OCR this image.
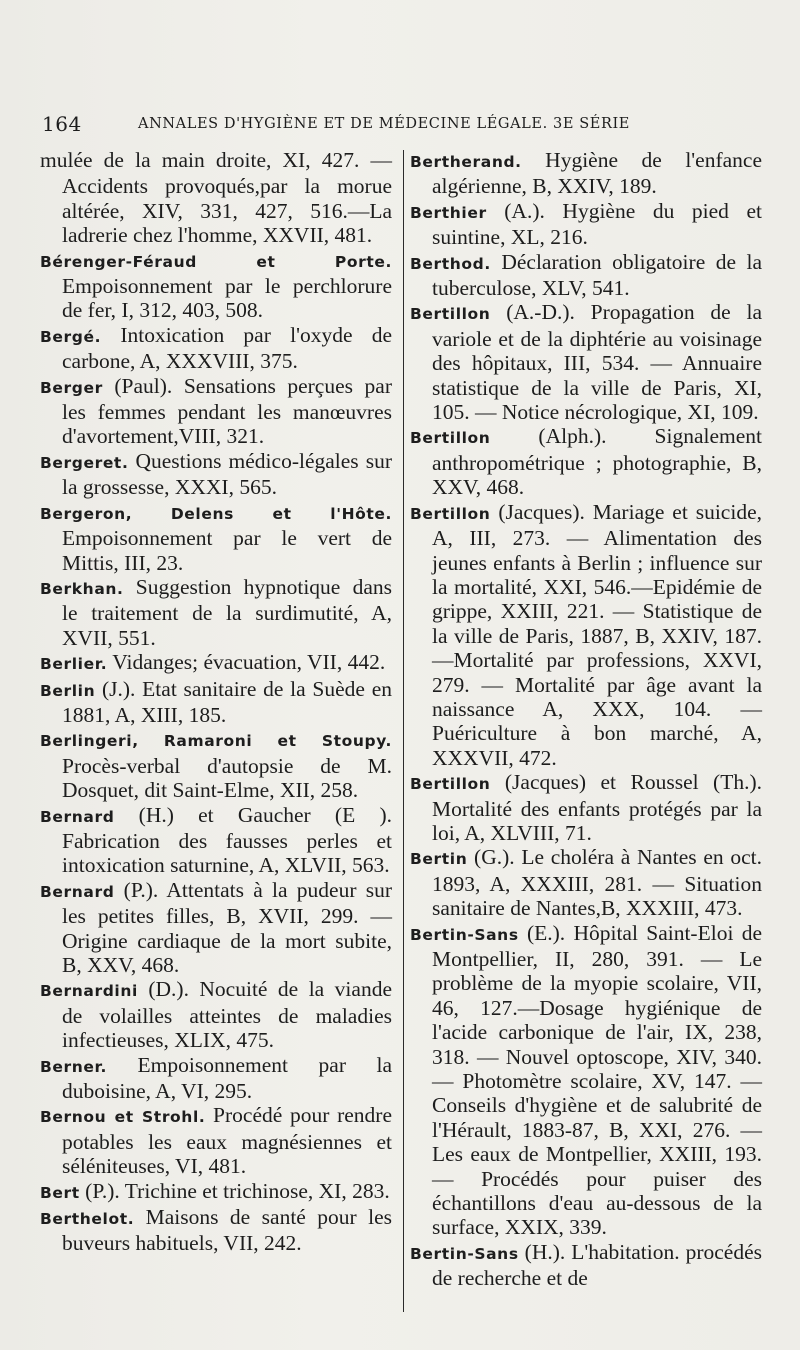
164	ANNALES D'HYGIÈNE ET DE MÉDECINE LÉGALE. 3E SÉRIE

mulée de la main droite, XI, 427. — Accidents provoqués,par la morue altérée, XIV, 331, 427, 516.—La ladrerie chez l'homme, XXVII, 481.

Bérenger-Féraud et Porte. Empoisonnement par le perchlorure de fer, I, 312, 403, 508.

Bergé. Intoxication par l'oxyde de carbone, A, XXXVIII, 375.

Berger (Paul). Sensations perçues par les femmes pendant les manœuvres d'avortement,VIII, 321.

Bergeret. Questions médico-légales sur la grossesse, XXXI, 565.

Bergeron, Delens et l'Hôte. Empoisonnement par le vert de Mittis, III, 23.

Berkhan. Suggestion hypnotique dans le traitement de la surdimutité, A, XVII, 551.

Berlier. Vidanges; évacuation, VII, 442.

Berlin (J.). Etat sanitaire de la Suède en 1881, A, XIII, 185.

Berlingeri, Ramaroni et Stoupy. Procès-verbal d'autopsie de M. Dosquet, dit Saint-Elme, XII, 258.

Bernard (H.) et Gaucher (E ). Fabrication des fausses perles et intoxication saturnine, A, XLVII, 563.

Bernard (P.). Attentats à la pudeur sur les petites filles, B, XVII, 299. — Origine cardiaque de la mort subite, B, XXV, 468.

Bernardini (D.). Nocuité de la viande de volailles atteintes de maladies infectieuses, XLIX, 475.

Berner. Empoisonnement par la duboisine, A, VI, 295.

Bernou et Strohl. Procédé pour rendre potables les eaux magnésiennes et séléniteuses, VI, 481.

Bert (P.). Trichine et trichinose, XI, 283.

Berthelot. Maisons de santé pour les buveurs habituels, VII, 242.

Bertherand. Hygiène de l'enfance algérienne, B, XXIV, 189.

Berthier (A.). Hygiène du pied et suintine, XL, 216.

Berthod. Déclaration obligatoire de la tuberculose, XLV, 541.

Bertillon (A.-D.). Propagation de la variole et de la diphtérie au voisinage des hôpitaux, III, 534. — Annuaire statistique de la ville de Paris, XI, 105. — Notice nécrologique, XI, 109.

Bertillon (Alph.). Signalement anthropométrique ; photographie, B, XXV, 468.

Bertillon (Jacques). Mariage et suicide, A, III, 273. — Alimentation des jeunes enfants à Berlin ; influence sur la mortalité, XXI, 546.—Epidémie de grippe, XXIII, 221. — Statistique de la ville de Paris, 1887, B, XXIV, 187.—Mortalité par professions, XXVI, 279. — Mortalité par âge avant la naissance A, XXX, 104. — Puériculture à bon marché, A, XXXVII, 472.

Bertillon (Jacques) et Roussel (Th.). Mortalité des enfants protégés par la loi, A, XLVIII, 71.

Bertin (G.). Le choléra à Nantes en oct. 1893, A, XXXIII, 281. — Situation sanitaire de Nantes,B, XXXIII, 473.

Bertin-Sans (E.). Hôpital Saint-Eloi de Montpellier, II, 280, 391. — Le problème de la myopie scolaire, VII, 46, 127.—Dosage hygiénique de l'acide carbonique de l'air, IX, 238, 318. — Nouvel optoscope, XIV, 340.— Photomètre scolaire, XV, 147. — Conseils d'hygiène et de salubrité de l'Hérault, 1883-87, B, XXI, 276. — Les eaux de Montpellier, XXIII, 193. — Procédés pour puiser des échantillons d'eau au-dessous de la surface, XXIX, 339.

Bertin-Sans (H.). L'habitation. procédés de recherche et de
